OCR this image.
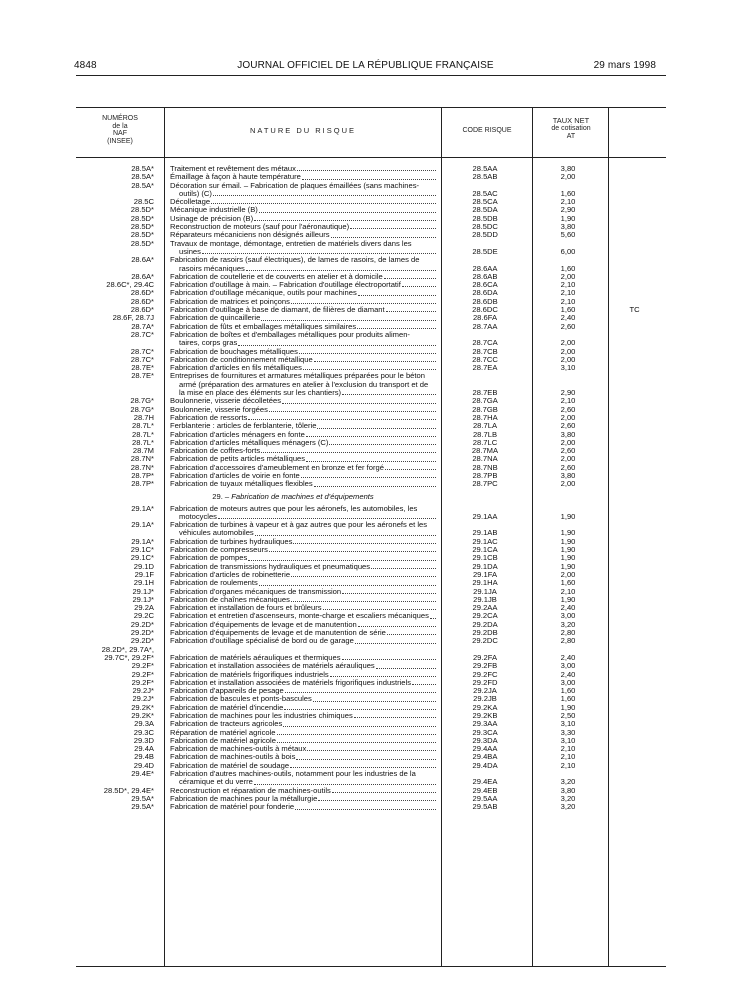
4848	JOURNAL OFFICIEL DE LA RÉPUBLIQUE FRANÇAISE	29 mars 1998
NUMÉROS
de la
NAF
(INSEE)
NATURE DU RISQUE	CODE RISQUE
TAUX NET
de cotisation
AT
28.5A*	Traitement et revêtement des métaux	28.5AA	3,80
28.5A*	Émaillage à façon à haute température	28.5AB	2,00
28.5A*	Décoration sur émail. – Fabrication de plaques émaillées (sans machines-
outils) (C)	28.5AC	1,60
28.5C	Décolletage	28.5CA	2,10
28.5D*	Mécanique industrielle (B)	28.5DA	2,90
28.5D*	Usinage de précision (B)	28.5DB	1,90
28.5D*	Reconstruction de moteurs (sauf pour l'aéronautique)	28.5DC	3,80
28.5D*	Réparateurs mécaniciens non désignés ailleurs	28.5DD	5,60
28.5D*	Travaux de montage, démontage, entretien de matériels divers dans les
usines	28.5DE	6,00
28.6A*	Fabrication de rasoirs (sauf électriques), de lames de rasoirs, de lames de
rasoirs mécaniques	28.6AA	1,60
28.6A*	Fabrication de coutellerie et de couverts en atelier et à domicile	28.6AB	2,00
28.6C*, 29.4C	Fabrication d'outillage à main. – Fabrication d'outillage électroportatif	28.6CA	2,10
28.6D*	Fabrication d'outillage mécanique, outils pour machines	28.6DA	2,10
28.6D*	Fabrication de matrices et poinçons	28.6DB	2,10
28.6D*	Fabrication d'outillage à base de diamant, de filières de diamant	28.6DC	1,60	TC
28.6F, 28.7J	Fabrication de quincaillerie	28.6FA	2,40
28.7A*	Fabrication de fûts et emballages métalliques similaires	28.7AA	2,60
28.7C*	Fabrication de boîtes et d'emballages métalliques pour produits alimen-
taires, corps gras	28.7CA	2,00
28.7C*	Fabrication de bouchages métalliques	28.7CB	2,00
28.7C*	Fabrication de conditionnement métallique	28.7CC	2,00
28.7E*	Fabrication d'articles en fils métalliques	28.7EA	3,10
28.7E*	Entreprises de fournitures et armatures métalliques préparées pour le béton
armé (préparation des armatures en atelier à l'exclusion du transport et de
la mise en place des éléments sur les chantiers)	28.7EB	2,90
28.7G*	Boulonnerie, visserie décolletées	28.7GA	2,10
28.7G*	Boulonnerie, visserie forgées	28.7GB	2,60
28.7H	Fabrication de ressorts	28.7HA	2,00
28.7L*	Ferblanterie : articles de ferblanterie, tôlerie	28.7LA	2,60
28.7L*	Fabrication d'articles ménagers en fonte	28.7LB	3,80
28.7L*	Fabrication d'articles métalliques ménagers (C)	28.7LC	2,00
28.7M	Fabrication de coffres-forts	28.7MA	2,60
28.7N*	Fabrication de petits articles métalliques	28.7NA	2,00
28.7N*	Fabrication d'accessoires d'ameublement en bronze et fer forgé	28.7NB	2,60
28.7P*	Fabrication d'articles de voirie en fonte	28.7PB	3,80
28.7P*	Fabrication de tuyaux métalliques flexibles	28.7PC	2,00
29. – Fabrication de machines et d'équipements
29.1A*	Fabrication de moteurs autres que pour les aéronefs, les automobiles, les
motocycles	29.1AA	1,90
29.1A*	Fabrication de turbines à vapeur et à gaz autres que pour les aéronefs et les
véhicules automobiles	29.1AB	1,90
29.1A*	Fabrication de turbines hydrauliques	29.1AC	1,90
29.1C*	Fabrication de compresseurs	29.1CA	1,90
29.1C*	Fabrication de pompes	29.1CB	1,90
29.1D	Fabrication de transmissions hydrauliques et pneumatiques	29.1DA	1,90
29.1F	Fabrication d'articles de robinetterie	29.1FA	2,00
29.1H	Fabrication de roulements	29.1HA	1,60
29.1J*	Fabrication d'organes mécaniques de transmission	29.1JA	2,10
29.1J*	Fabrication de chaînes mécaniques	29.1JB	1,90
29.2A	Fabrication et installation de fours et brûleurs	29.2AA	2,40
29.2C	Fabrication et entretien d'ascenseurs, monte-charge et escaliers mécaniques	29.2CA	3,00
29.2D*	Fabrication d'équipements de levage et de manutention	29.2DA	3,20
29.2D*	Fabrication d'équipements de levage et de manutention de série	29.2DB	2,80
29.2D*	Fabrication d'outillage spécialisé de bord ou de garage	29.2DC	2,80
28.2D*, 29.7A*,

29.7C*, 29.2F*	Fabrication de matériels aérauliques et thermiques	29.2FA	2,40
29.2F*	Fabrication et installation associées de matériels aérauliques	29.2FB	3,00
29.2F*	Fabrication de matériels frigorifiques industriels	29.2FC	2,40
29.2F*	Fabrication et installation associées de matériels frigorifiques industriels	29.2FD	3,00
29.2J*	Fabrication d'appareils de pesage	29.2JA	1,60
29.2J*	Fabrication de bascules et ponts-bascules	29.2JB	1,60
29.2K*	Fabrication de matériel d'incendie	29.2KA	1,90
29.2K*	Fabrication de machines pour les industries chimiques	29.2KB	2,50
29.3A	Fabrication de tracteurs agricoles	29.3AA	3,10
29.3C	Réparation de matériel agricole	29.3CA	3,30
29.3D	Fabrication de matériel agricole	29.3DA	3,10
29.4A	Fabrication de machines-outils à métaux	29.4AA	2,10
29.4B	Fabrication de machines-outils à bois	29.4BA	2,10
29.4D	Fabrication de matériel de soudage	29.4DA	2,10
29.4E*	Fabrication d'autres machines-outils, notamment pour les industries de la
céramique et du verre	29.4EA	3,20
28.5D*, 29.4E*	Reconstruction et réparation de machines-outils	29.4EB	3,80
29.5A*	Fabrication de machines pour la métallurgie	29.5AA	3,20
29.5A*	Fabrication de matériel pour fonderie	29.5AB	3,20
